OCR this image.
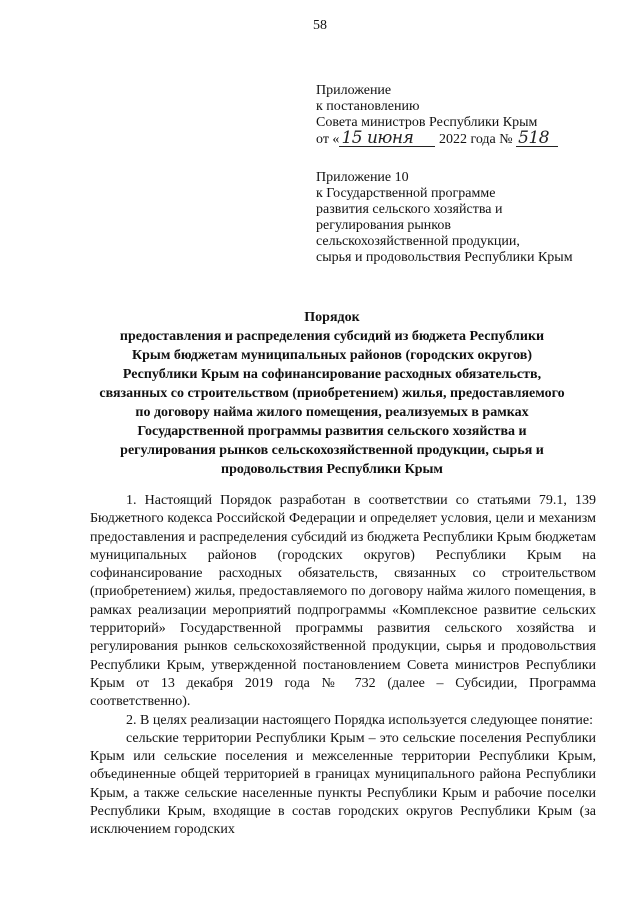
58
Приложение
к постановлению
Совета министров Республики Крым
от « 15 июня 2022 года № 518
Приложение 10
к Государственной программе
развития сельского хозяйства и
регулирования рынков
сельскохозяйственной продукции,
сырья и продовольствия Республики Крым
Порядок
предоставления и распределения субсидий из бюджета Республики
Крым бюджетам муниципальных районов (городских округов)
Республики Крым на софинансирование расходных обязательств,
связанных со строительством (приобретением) жилья, предоставляемого
по договору найма жилого помещения, реализуемых в рамках
Государственной программы развития сельского хозяйства и
регулирования рынков сельскохозяйственной продукции, сырья и
продовольствия Республики Крым

1. Настоящий Порядок разработан в соответствии со статьями 79.1, 139 Бюджетного кодекса Российской Федерации и определяет условия, цели и механизм предоставления и распределения субсидий из бюджета Республики Крым бюджетам муниципальных районов (городских округов) Республики Крым на софинансирование расходных обязательств, связанных со строительством (приобретением) жилья, предоставляемого по договору найма жилого помещения, в рамках реализации мероприятий подпрограммы «Комплексное развитие сельских территорий» Государственной программы развития сельского хозяйства и регулирования рынков сельскохозяйственной продукции, сырья и продовольствия Республики Крым, утвержденной постановлением Совета министров Республики Крым от 13 декабря 2019 года № 732 (далее – Субсидии, Программа соответственно).

2. В целях реализации настоящего Порядка используется следующее понятие:

сельские территории Республики Крым – это сельские поселения Республики Крым или сельские поселения и межселенные территории Республики Крым, объединенные общей территорией в границах муниципального района Республики Крым, а также сельские населенные пункты Республики Крым и рабочие поселки Республики Крым, входящие в состав городских округов Республики Крым (за исключением городских
